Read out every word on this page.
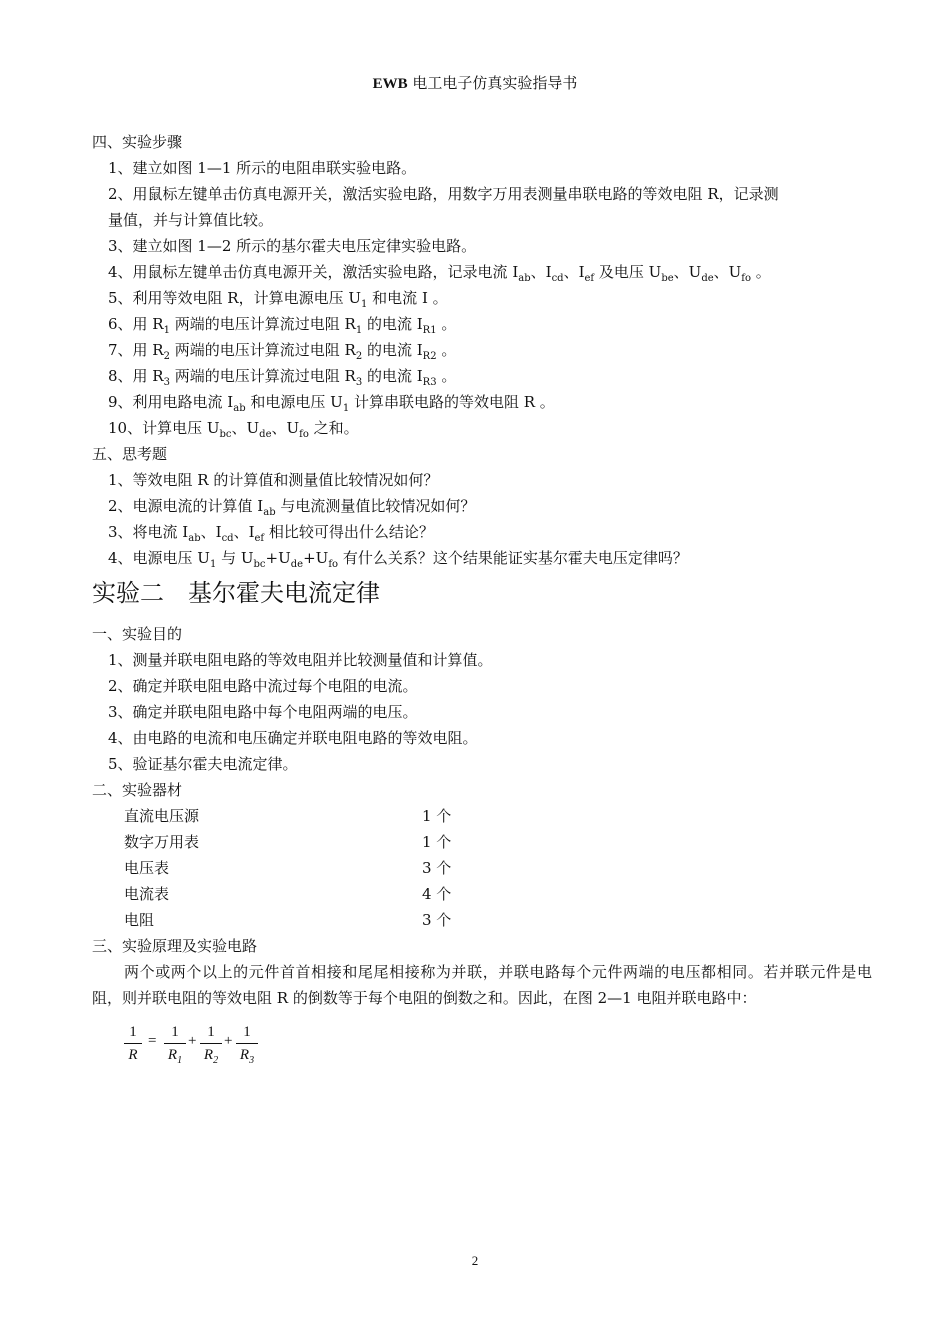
EWB 电工电子仿真实验指导书
四、实验步骤
1、建立如图 1—1 所示的电阻串联实验电路。
2、用鼠标左键单击仿真电源开关，激活实验电路，用数字万用表测量串联电路的等效电阻 R，记录测
量值，并与计算值比较。
3、建立如图 1—2 所示的基尔霍夫电压定律实验电路。
4、用鼠标左键单击仿真电源开关，激活实验电路，记录电流 $I_{ab}$、$I_{cd}$、$I_{ef}$ 及电压 $U_{be}$、$U_{de}$、$U_{fo}$ 。
5、利用等效电阻 R，计算电源电压 $U_1$ 和电流 I 。
6、用 $R_1$ 两端的电压计算流过电阻 $R_1$ 的电流 $I_{R1}$ 。
7、用 $R_2$ 两端的电压计算流过电阻 $R_2$ 的电流 $I_{R2}$ 。
8、用 $R_3$ 两端的电压计算流过电阻 $R_3$ 的电流 $I_{R3}$ 。
9、利用电路电流 $I_{ab}$ 和电源电压 $U_1$ 计算串联电路的等效电阻 R 。
10、计算电压 $U_{bc}$、$U_{de}$、$U_{fo}$ 之和。
五、思考题
1、等效电阻 R 的计算值和测量值比较情况如何？
2、电源电流的计算值 $I_{ab}$ 与电流测量值比较情况如何？
3、将电流 $I_{ab}$、$I_{cd}$、$I_{ef}$ 相比较可得出什么结论？
4、电源电压 $U_1$ 与 $U_{bc}+U_{de}+U_{fo}$ 有什么关系？这个结果能证实基尔霍夫电压定律吗？
实验二　基尔霍夫电流定律
一、实验目的
1、测量并联电阻电路的等效电阻并比较测量值和计算值。
2、确定并联电阻电路中流过每个电阻的电流。
3、确定并联电阻电路中每个电阻两端的电压。
4、由电路的电流和电压确定并联电阻电路的等效电阻。
5、验证基尔霍夫电流定律。
二、实验器材
直流电压源	1 个
数字万用表	1 个
电压表	3 个
电流表	4 个
电阻	3 个
三、实验原理及实验电路
两个或两个以上的元件首首相接和尾尾相接称为并联，并联电路每个元件两端的电压都相同。若并联元件是电阻，则并联电阻的等效电阻 R 的倒数等于每个电阻的倒数之和。因此，在图 2—1 电阻并联电路中：
1
R
=
1
$R_1$
+
1
$R_2$
+
1
$R_3$
2
